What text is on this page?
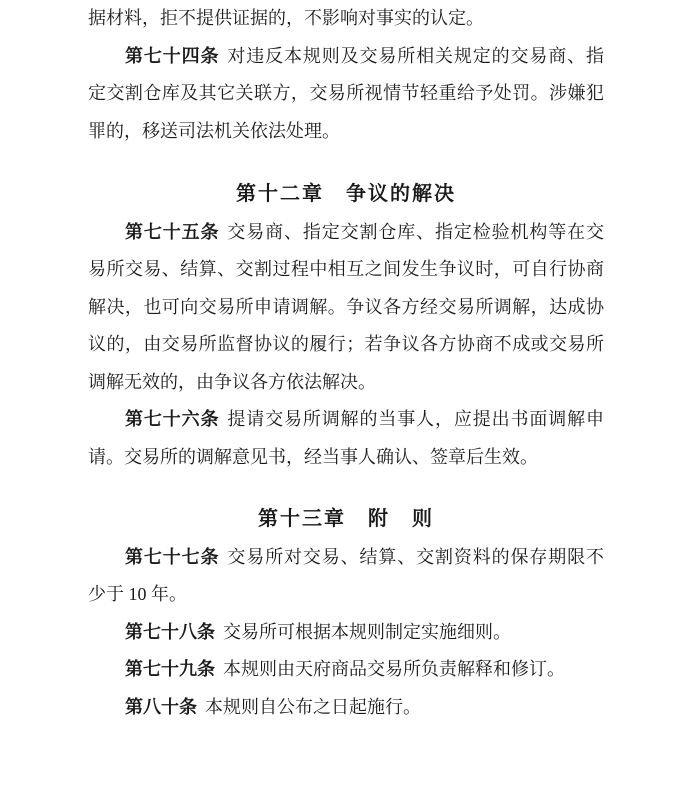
据材料，拒不提供证据的，不影响对事实的认定。
第七十四条 对违反本规则及交易所相关规定的交易商、指
定交割仓库及其它关联方，交易所视情节轻重给予处罚。涉嫌犯
罪的，移送司法机关依法处理。
第十二章　争议的解决
第七十五条 交易商、指定交割仓库、指定检验机构等在交
易所交易、结算、交割过程中相互之间发生争议时，可自行协商
解决，也可向交易所申请调解。争议各方经交易所调解，达成协
议的，由交易所监督协议的履行；若争议各方协商不成或交易所
调解无效的，由争议各方依法解决。
第七十六条 提请交易所调解的当事人，应提出书面调解申
请。交易所的调解意见书，经当事人确认、签章后生效。
第十三章　附　则
第七十七条 交易所对交易、结算、交割资料的保存期限不
少于 10 年。
第七十八条 交易所可根据本规则制定实施细则。
第七十九条 本规则由天府商品交易所负责解释和修订。
第八十条 本规则自公布之日起施行。
